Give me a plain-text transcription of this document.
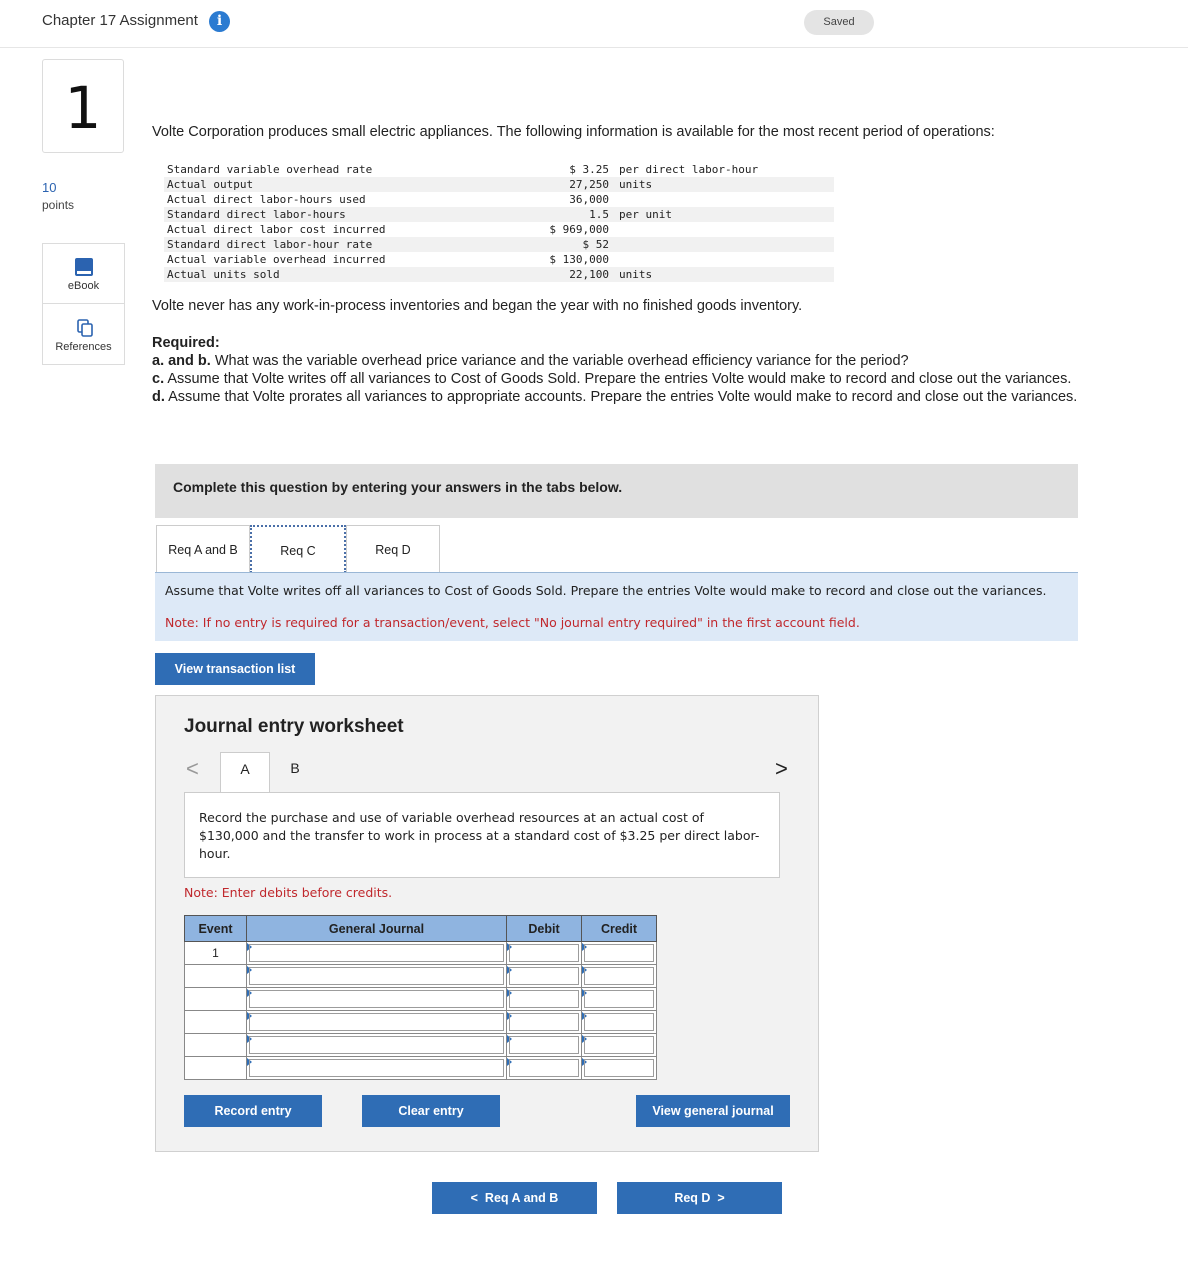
Chapter 17 Assignment	i	Saved
1
10
points
eBook
References
Volte Corporation produces small electric appliances. The following information is available for the most recent period of operations:
Standard variable overhead rate	$ 3.25 per direct labor-hour
Actual output	27,250 units
Actual direct labor-hours used	36,000
Standard direct labor-hours	1.5 per unit
Actual direct labor cost incurred	$ 969,000
Standard direct labor-hour rate	$ 52
Actual variable overhead incurred	$ 130,000
Actual units sold	22,100 units
Volte never has any work-in-process inventories and began the year with no finished goods inventory.
Required:
a. and b. What was the variable overhead price variance and the variable overhead efficiency variance for the period?
c. Assume that Volte writes off all variances to Cost of Goods Sold. Prepare the entries Volte would make to record and close out the variances.
d. Assume that Volte prorates all variances to appropriate accounts. Prepare the entries Volte would make to record and close out the variances.
Complete this question by entering your answers in the tabs below.
Req A and B	Req C	Req D
Assume that Volte writes off all variances to Cost of Goods Sold. Prepare the entries Volte would make to record and close out the variances.
Note: If no entry is required for a transaction/event, select "No journal entry required" in the first account field.
View transaction list
Journal entry worksheet
<	A	B	>
Record the purchase and use of variable overhead resources at an actual cost of $130,000 and the transfer to work in process at a standard cost of $3.25 per direct labor-hour.
Note: Enter debits before credits.
Event	General Journal	Debit	Credit
1	

Record entry	Clear entry	View general journal
<  Req A and B	Req D  >
